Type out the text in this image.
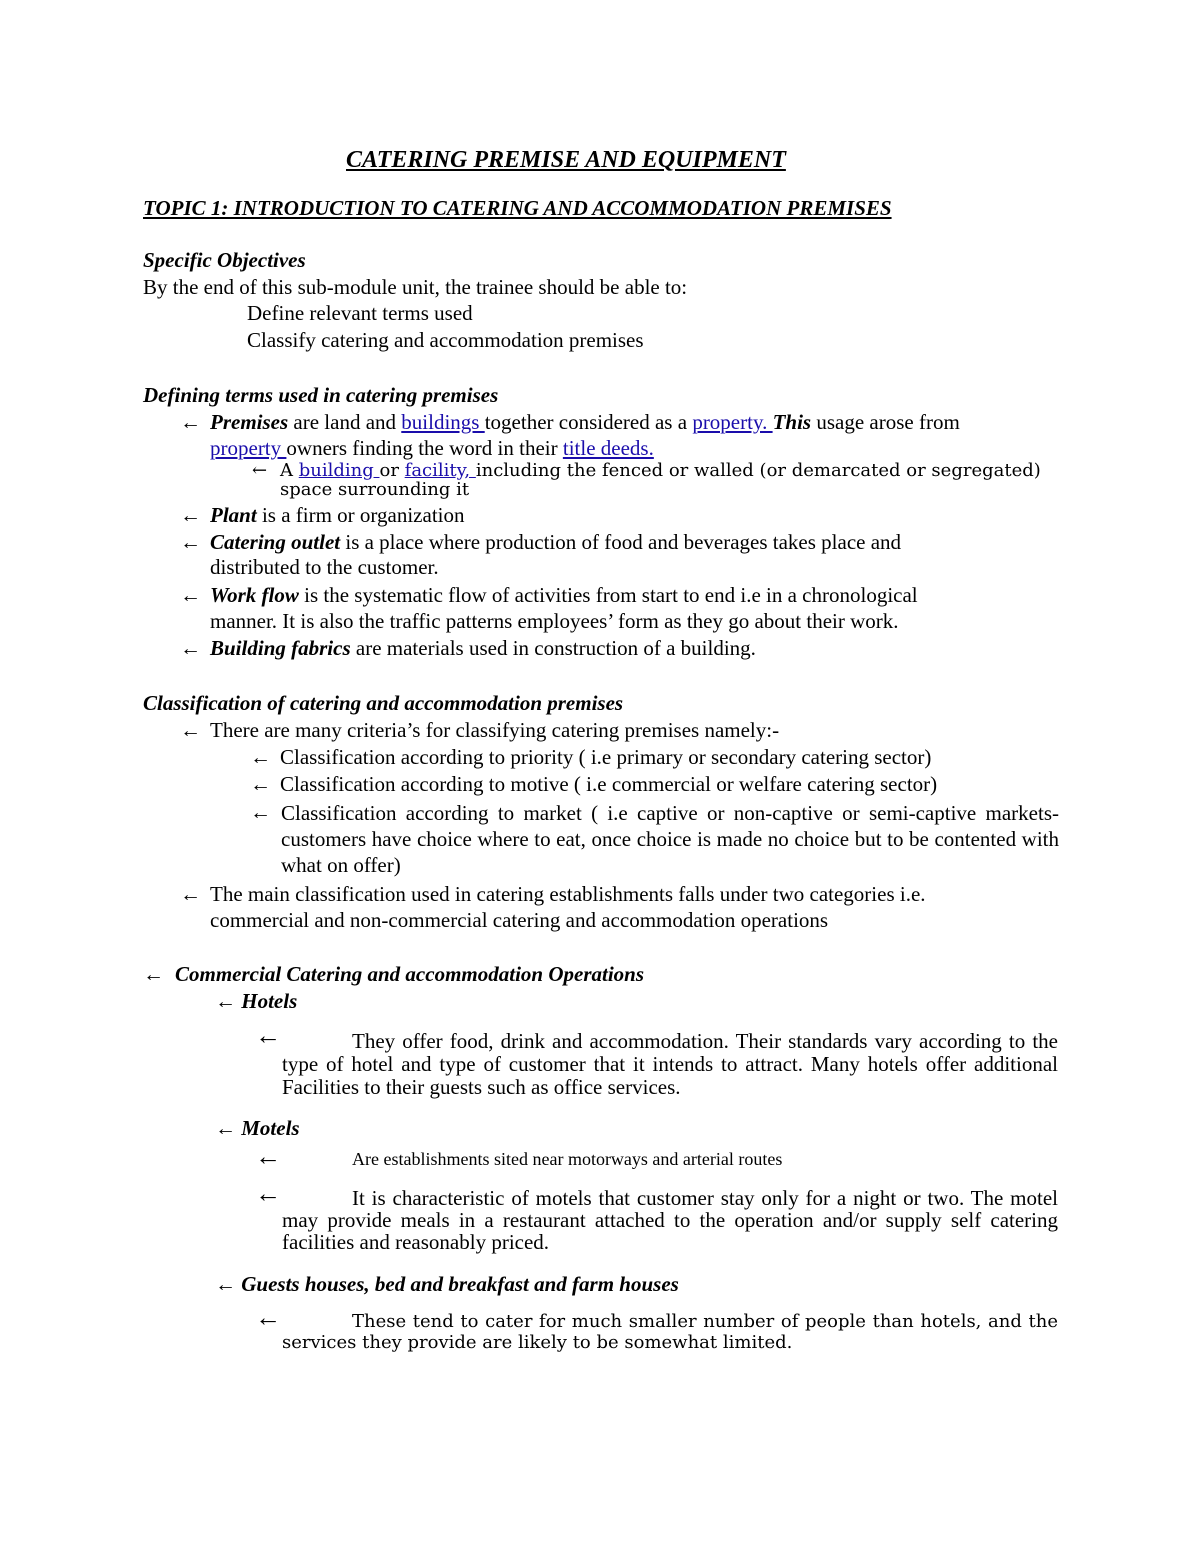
CATERING PREMISE AND EQUIPMENT
TOPIC 1: INTRODUCTION TO CATERING AND ACCOMMODATION PREMISES
Specific Objectives
By the end of this sub-module unit, the trainee should be able to:
Define relevant terms used
Classify catering and accommodation premises
Defining terms used in catering premises
← Premises are land and buildings together considered as a property. This usage arose from
property owners finding the word in their title deeds.
← A building or facility, including the fenced or walled (or demarcated or segregated)
space surrounding it
← Plant is a firm or organization
← Catering outlet is a place where production of food and beverages takes place and
distributed to the customer.
← Work flow is the systematic flow of activities from start to end i.e in a chronological
manner. It is also the traffic patterns employees’ form as they go about their work.
← Building fabrics are materials used in construction of a building.
Classification of catering and accommodation premises
← There are many criteria’s for classifying catering premises namely:-
← Classification according to priority ( i.e primary or secondary catering sector)
← Classification according to motive ( i.e commercial or welfare catering sector)
← Classification according to market ( i.e captive or non-captive or semi-captive markets-customers have choice where to eat, once choice is made no choice but to be contented with what on offer)
← The main classification used in catering establishments falls under two categories i.e.
commercial and non-commercial catering and accommodation operations
← Commercial Catering and accommodation Operations
← Hotels
←	They offer food, drink and accommodation. Their standards vary according to the type of hotel and type of customer that it intends to attract. Many hotels offer additional Facilities to their guests such as office services.
← Motels
←	Are establishments sited near motorways and arterial routes
←	It is characteristic of motels that customer stay only for a night or two. The motel may provide meals in a restaurant attached to the operation and/or supply self catering facilities and reasonably priced.
← Guests houses, bed and breakfast and farm houses
←	These tend to cater for much smaller number of people than hotels, and the services they provide are likely to be somewhat limited.
